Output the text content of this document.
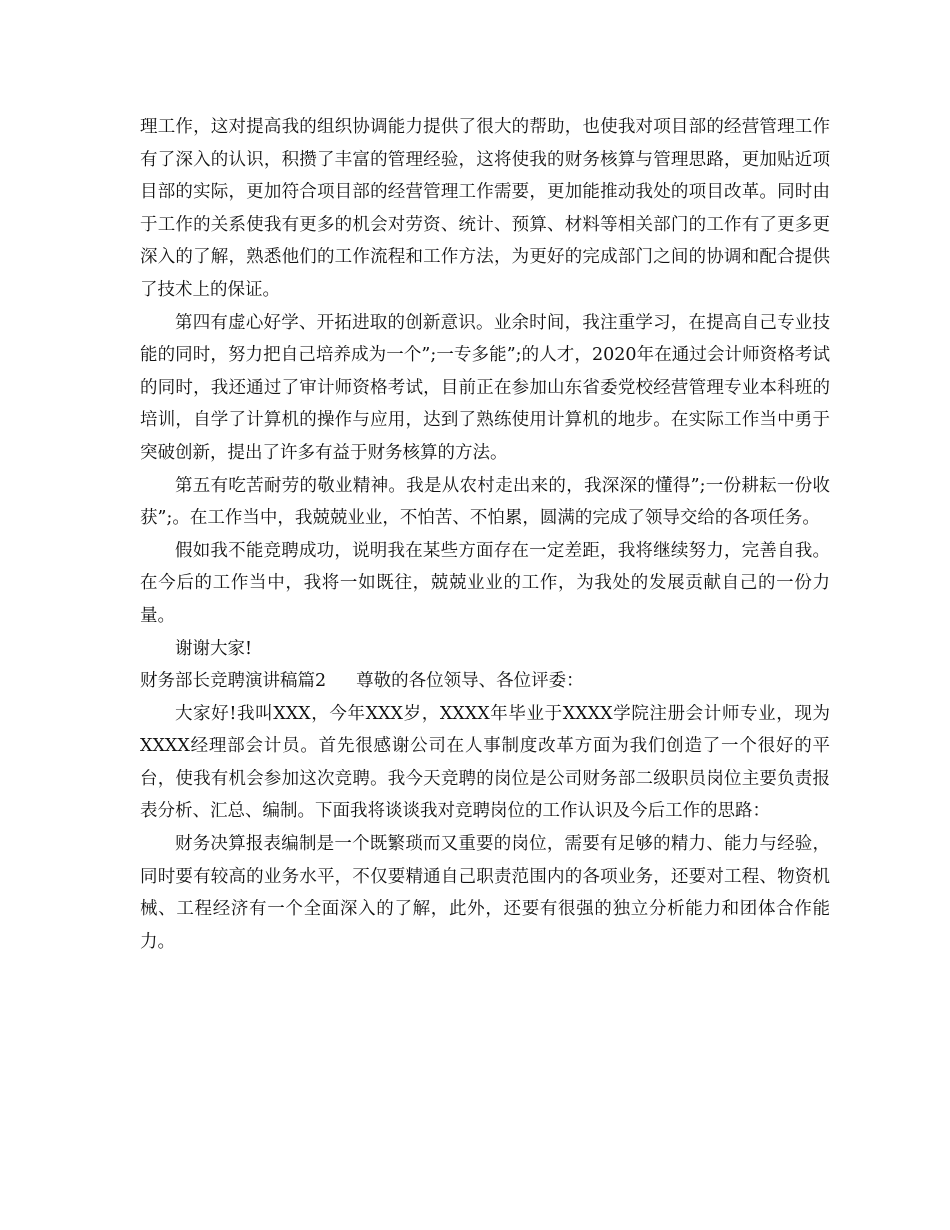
理工作，这对提高我的组织协调能力提供了很大的帮助，也使我对项目部的经营管理工作有了深入的认识，积攒了丰富的管理经验，这将使我的财务核算与管理思路，更加贴近项目部的实际，更加符合项目部的经营管理工作需要，更加能推动我处的项目改革。同时由于工作的关系使我有更多的机会对劳资、统计、预算、材料等相关部门的工作有了更多更深入的了解，熟悉他们的工作流程和工作方法，为更好的完成部门之间的协调和配合提供了技术上的保证。

第四有虚心好学、开拓进取的创新意识。业余时间，我注重学习，在提高自己专业技能的同时，努力把自己培养成为一个”;一专多能”;的人才，2020年在通过会计师资格考试的同时，我还通过了审计师资格考试，目前正在参加山东省委党校经营管理专业本科班的培训，自学了计算机的操作与应用，达到了熟练使用计算机的地步。在实际工作当中勇于突破创新，提出了许多有益于财务核算的方法。

第五有吃苦耐劳的敬业精神。我是从农村走出来的，我深深的懂得”;一份耕耘一份收获”;。在工作当中，我兢兢业业，不怕苦、不怕累，圆满的完成了领导交给的各项任务。

假如我不能竞聘成功，说明我在某些方面存在一定差距，我将继续努力，完善自我。在今后的工作当中，我将一如既往，兢兢业业的工作，为我处的发展贡献自己的一份力量。

谢谢大家!

财务部长竞聘演讲稿篇2 尊敬的各位领导、各位评委：

大家好!我叫XXX，今年XXX岁，XXXX年毕业于XXXX学院注册会计师专业，现为XXXX经理部会计员。首先很感谢公司在人事制度改革方面为我们创造了一个很好的平台，使我有机会参加这次竞聘。我今天竞聘的岗位是公司财务部二级职员岗位主要负责报表分析、汇总、编制。下面我将谈谈我对竞聘岗位的工作认识及今后工作的思路：

财务决算报表编制是一个既繁琐而又重要的岗位，需要有足够的精力、能力与经验，同时要有较高的业务水平，不仅要精通自己职责范围内的各项业务，还要对工程、物资机械、工程经济有一个全面深入的了解，此外，还要有很强的独立分析能力和团体合作能力。
